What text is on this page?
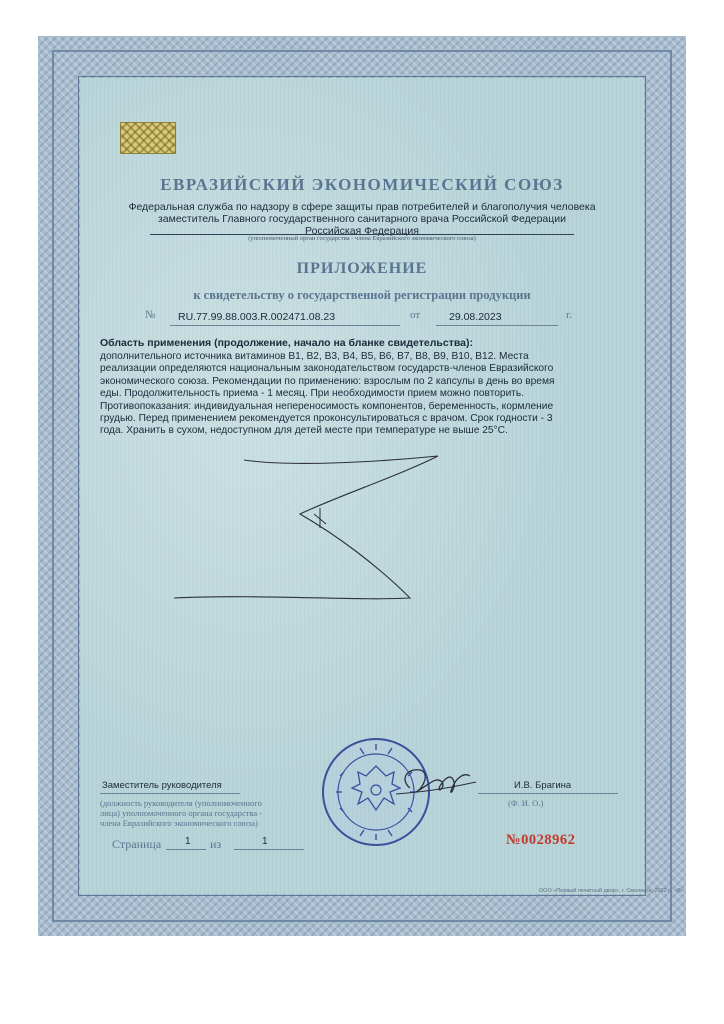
ЕВРАЗИЙСКИЙ ЭКОНОМИЧЕСКИЙ СОЮЗ
Федеральная служба по надзору в сфере защиты прав потребителей и благополучия человека
заместитель Главного государственного санитарного врача Российской Федерации
Российская Федерация
(уполномоченный орган государства - члена Евразийского экономического союза)
ПРИЛОЖЕНИЕ
к свидетельству о государственной регистрации продукции
№ RU.77.99.88.003.R.002471.08.23	от	29.08.2023	г.
Область применения (продолжение, начало на бланке свидетельства):
дополнительного источника витаминов В1, В2, В3, В4, В5, В6, В7, В8, В9, В10, В12. Места
реализации определяются национальным законодательством государств-членов Евразийского
экономического союза. Рекомендации по применению: взрослым по 2 капсулы в день во время
еды. Продолжительность приема - 1 месяц. При необходимости прием можно повторить.
Противопоказания: индивидуальная непереносимость компонентов, беременность, кормление
грудью. Перед применением рекомендуется проконсультироваться с врачом. Срок годности - 3
года. Хранить в сухом, недоступном для детей месте при температуре не выше 25°С.
Заместитель руководителя	И.В. Брагина
(должность руководителя (уполномоченного
лица) уполномоченного органа государства -
члена Евразийского экономического союза)
(Ф. И. О.)
Страница 1 из	1	№0028962
ООО «Первый печатный двор», г. Смоленск, 2022 г., «В»
